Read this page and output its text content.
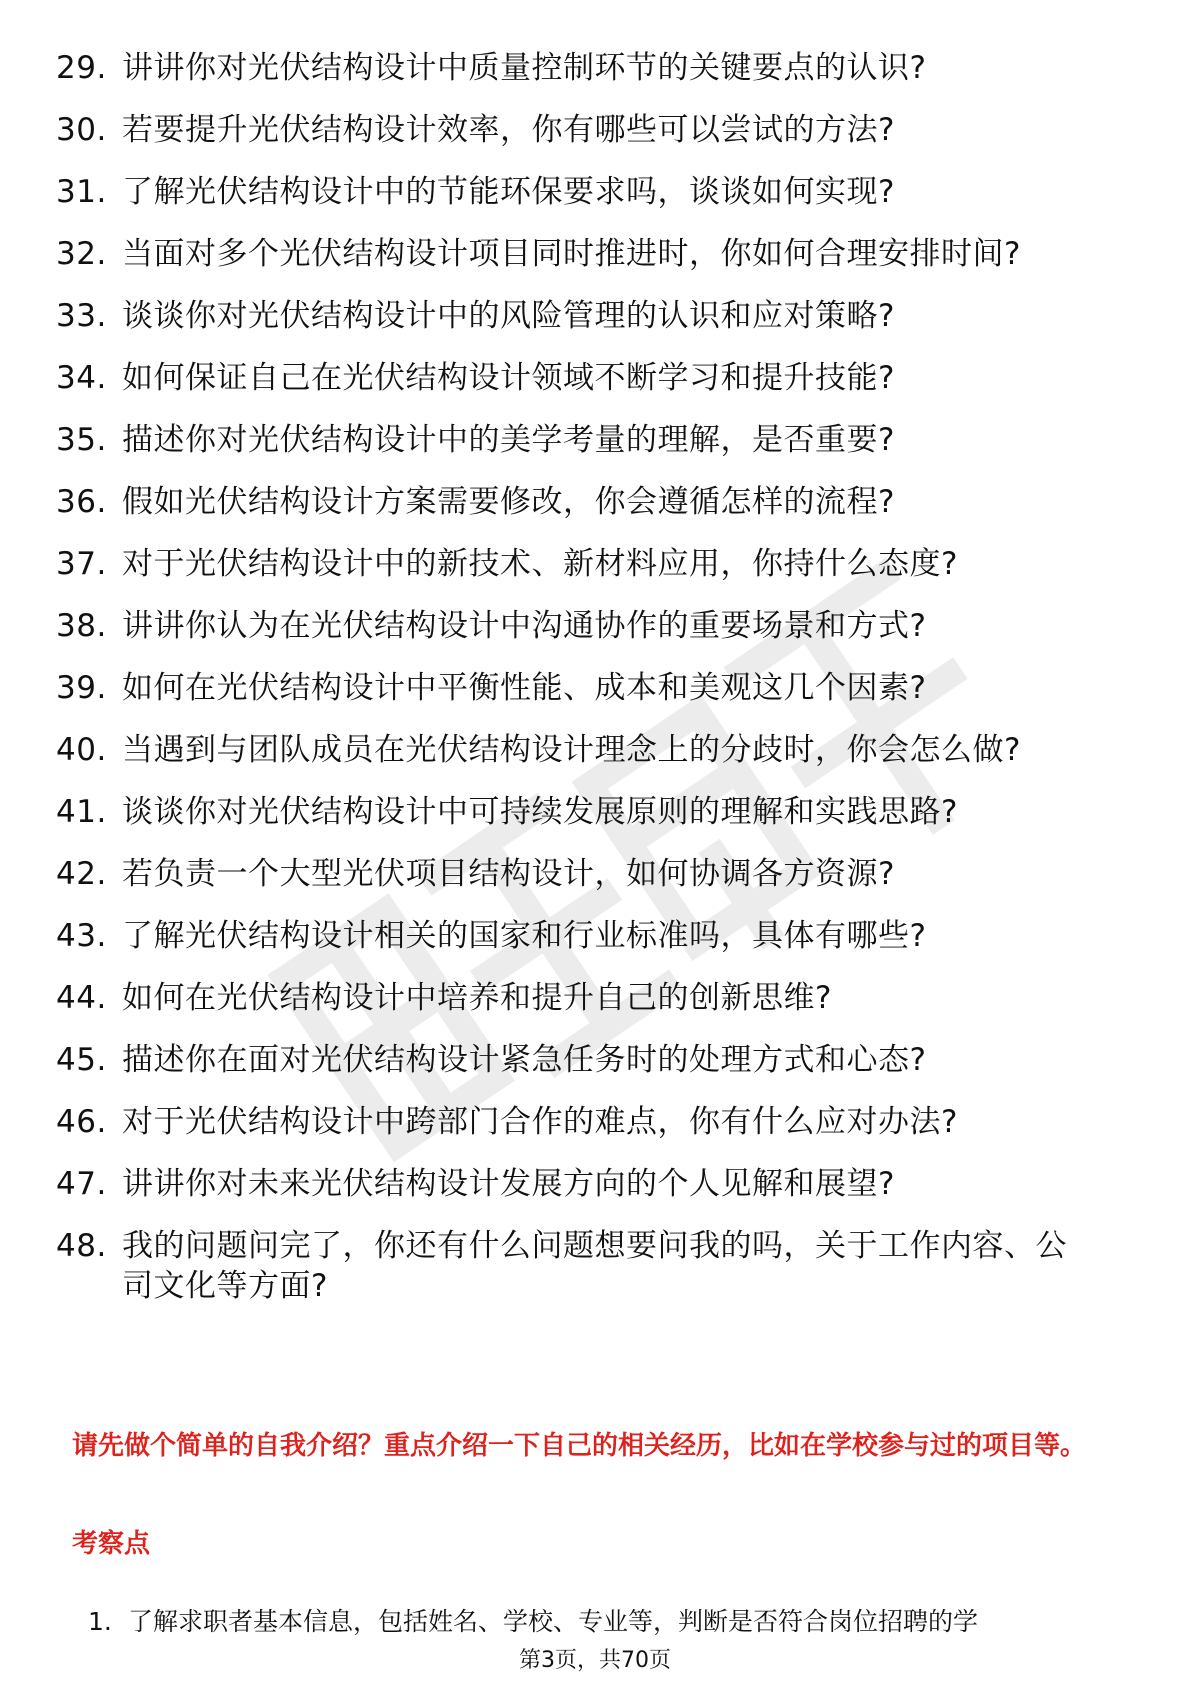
29. 讲讲你对光伏结构设计中质量控制环节的关键要点的认识?
30. 若要提升光伏结构设计效率，你有哪些可以尝试的方法?
31. 了解光伏结构设计中的节能环保要求吗，谈谈如何实现?
32. 当面对多个光伏结构设计项目同时推进时，你如何合理安排时间?
33. 谈谈你对光伏结构设计中的风险管理的认识和应对策略?
34. 如何保证自己在光伏结构设计领域不断学习和提升技能?
35. 描述你对光伏结构设计中的美学考量的理解，是否重要?
36. 假如光伏结构设计方案需要修改，你会遵循怎样的流程?
37. 对于光伏结构设计中的新技术、新材料应用，你持什么态度?
38. 讲讲你认为在光伏结构设计中沟通协作的重要场景和方式?
39. 如何在光伏结构设计中平衡性能、成本和美观这几个因素?
40. 当遇到与团队成员在光伏结构设计理念上的分歧时，你会怎么做?
41. 谈谈你对光伏结构设计中可持续发展原则的理解和实践思路?
42. 若负责一个大型光伏项目结构设计，如何协调各方资源?
43. 了解光伏结构设计相关的国家和行业标准吗，具体有哪些?
44. 如何在光伏结构设计中培养和提升自己的创新思维?
45. 描述你在面对光伏结构设计紧急任务时的处理方式和心态?
46. 对于光伏结构设计中跨部门合作的难点，你有什么应对办法?
47. 讲讲你对未来光伏结构设计发展方向的个人见解和展望?
48. 我的问题问完了，你还有什么问题想要问我的吗，关于工作内容、公司文化等方面?
请先做个简单的自我介绍？重点介绍一下自己的相关经历，比如在学校参与过的项目等。
考察点
1. 了解求职者基本信息，包括姓名、学校、专业等，判断是否符合岗位招聘的学
第3页，共70页
